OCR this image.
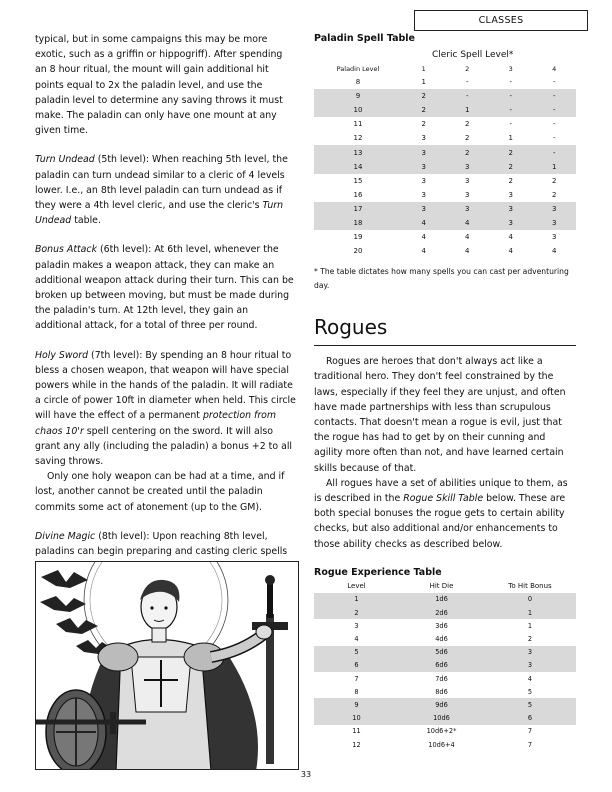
CLASSES

typical, but in some campaigns this may be more exotic, such as a griffin or hippogriff). After spending an 8 hour ritual, the mount will gain additional hit points equal to 2x the paladin level, and use the paladin level to determine any saving throws it must make. The paladin can only have one mount at any given time.

Turn Undead (5th level): When reaching 5th level, the paladin can turn undead similar to a cleric of 4 levels lower. I.e., an 8th level paladin can turn undead as if they were a 4th level cleric, and use the cleric's Turn Undead table.

Bonus Attack (6th level): At 6th level, whenever the paladin makes a weapon attack, they can make an additional weapon attack during their turn. This can be broken up between moving, but must be made during the paladin's turn. At 12th level, they gain an additional attack, for a total of three per round.

Holy Sword (7th level): By spending an 8 hour ritual to bless a chosen weapon, that weapon will have special powers while in the hands of the paladin. It will radiate a circle of power 10ft in diameter when held. This circle will have the effect of a permanent protection from chaos 10'r spell centering on the sword. It will also grant any ally (including the paladin) a bonus +2 to all saving throws.

Only one holy weapon can be had at a time, and if lost, another cannot be created until the paladin commits some act of atonement (up to the GM).

Divine Magic (8th level): Upon reaching 8th level, paladins can begin preparing and casting cleric spells

Paladin Spell Table
Cleric Spell Level*
Paladin Level	1	2	3	4
8	1	-	-	-
9	2	-	-	-
10	2	1	-	-
11	2	2	-	-
12	3	2	1	-
13	3	2	2	-
14	3	3	2	1
15	3	3	2	2
16	3	3	3	2
17	3	3	3	3
18	4	4	3	3
19	4	4	4	3
20	4	4	4	4

* The table dictates how many spells you can cast per adventuring day.

Rogues

Rogues are heroes that don't always act like a traditional hero. They don't feel constrained by the laws, especially if they feel they are unjust, and often have made partnerships with less than scrupulous contacts. That doesn't mean a rogue is evil, just that the rogue has had to get by on their cunning and agility more often than not, and have learned certain skills because of that.

All rogues have a set of abilities unique to them, as is described in the Rogue Skill Table below. These are both special bonuses the rogue gets to certain ability checks, but also additional and/or enhancements to those ability checks as described below.

Rogue Experience Table
Level	Hit Die	To Hit Bonus
1	1d6	0
2	2d6	1
3	3d6	1
4	4d6	2
5	5d6	3
6	6d6	3
7	7d6	4
8	8d6	5
9	9d6	5
10	10d6	6
11	10d6+2*	7
12	10d6+4	7
33
